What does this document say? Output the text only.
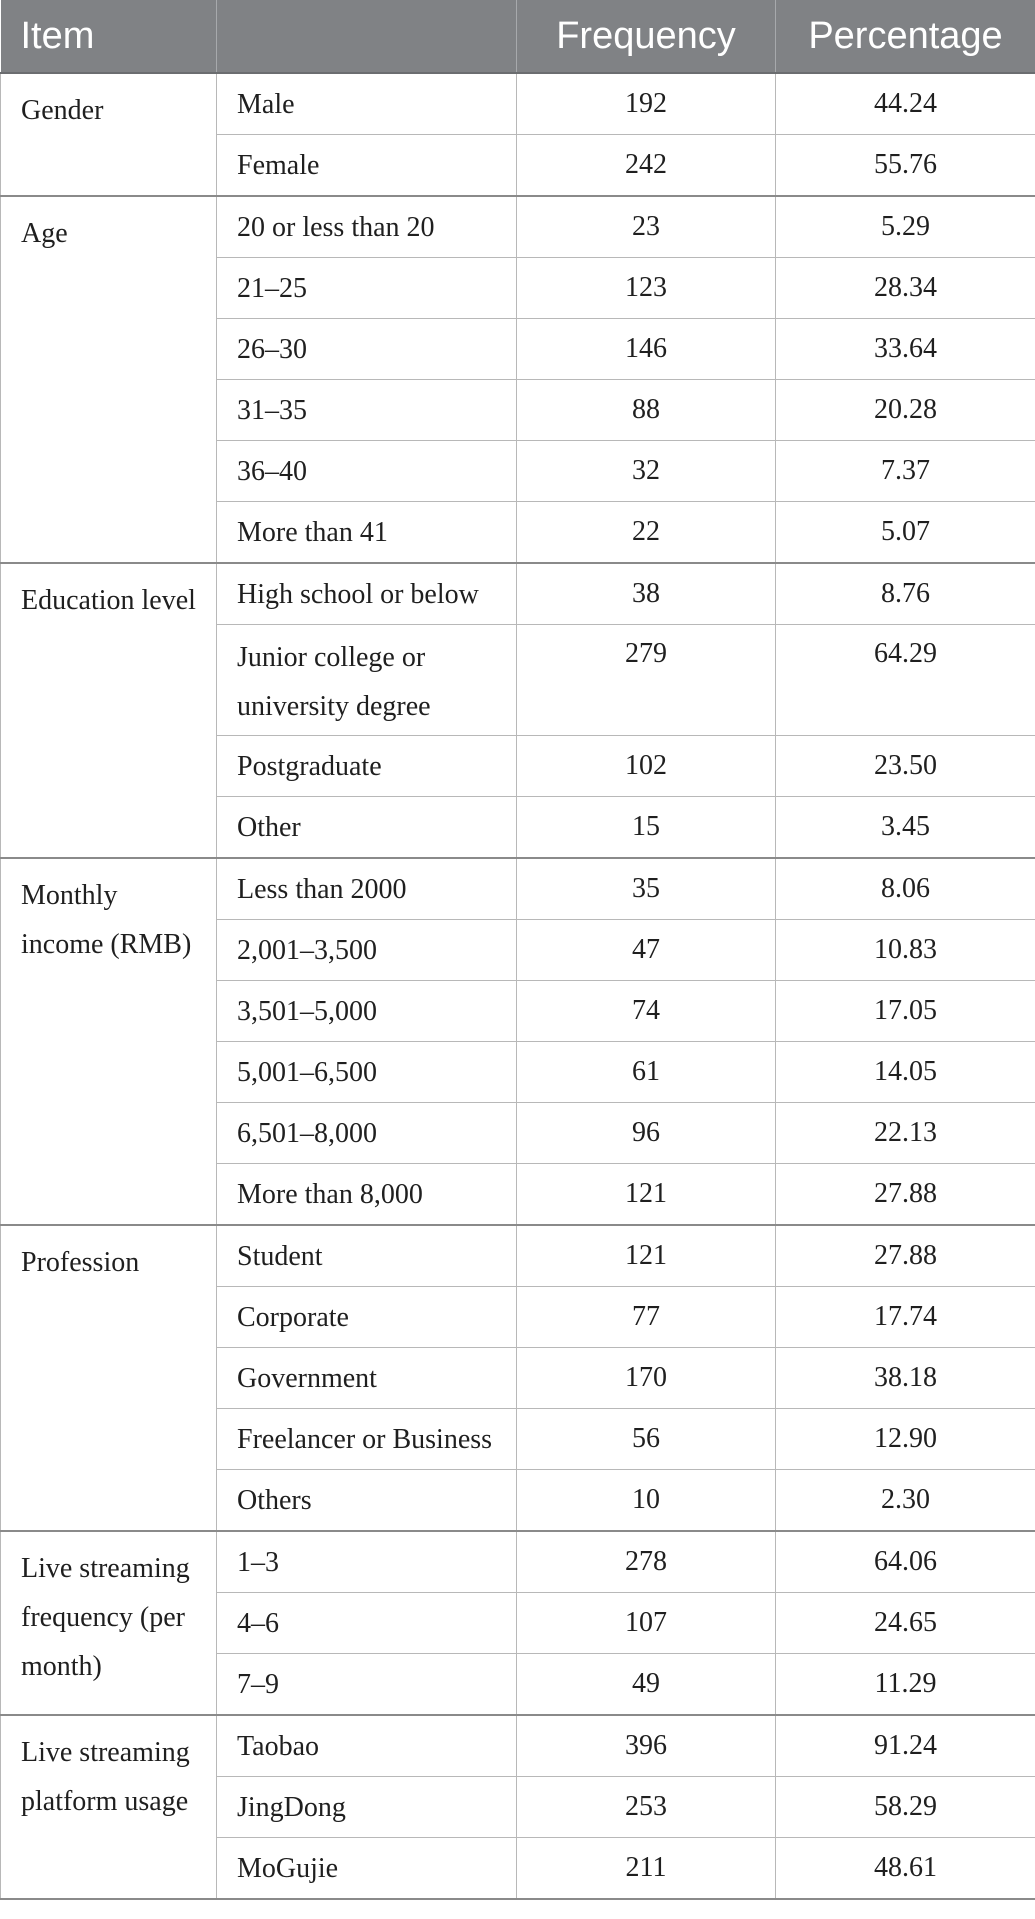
Item		Frequency	Percentage
Gender	Male	192	44.24
	Female	242	55.76
Age	20 or less than 20	23	5.29
	21–25	123	28.34
	26–30	146	33.64
	31–35	88	20.28
	36–40	32	7.37
	More than 41	22	5.07
Education level	High school or below	38	8.76
	Junior college or university degree	279	64.29
	Postgraduate	102	23.50
	Other	15	3.45
Monthly income (RMB)	Less than 2000	35	8.06
	2,001–3,500	47	10.83
	3,501–5,000	74	17.05
	5,001–6,500	61	14.05
	6,501–8,000	96	22.13
	More than 8,000	121	27.88
Profession	Student	121	27.88
	Corporate	77	17.74
	Government	170	38.18
	Freelancer or Business	56	12.90
	Others	10	2.30
Live streaming frequency (per month)	1–3	278	64.06
	4–6	107	24.65
	7–9	49	11.29
Live streaming platform usage	Taobao	396	91.24
	JingDong	253	58.29
	MoGujie	211	48.61
